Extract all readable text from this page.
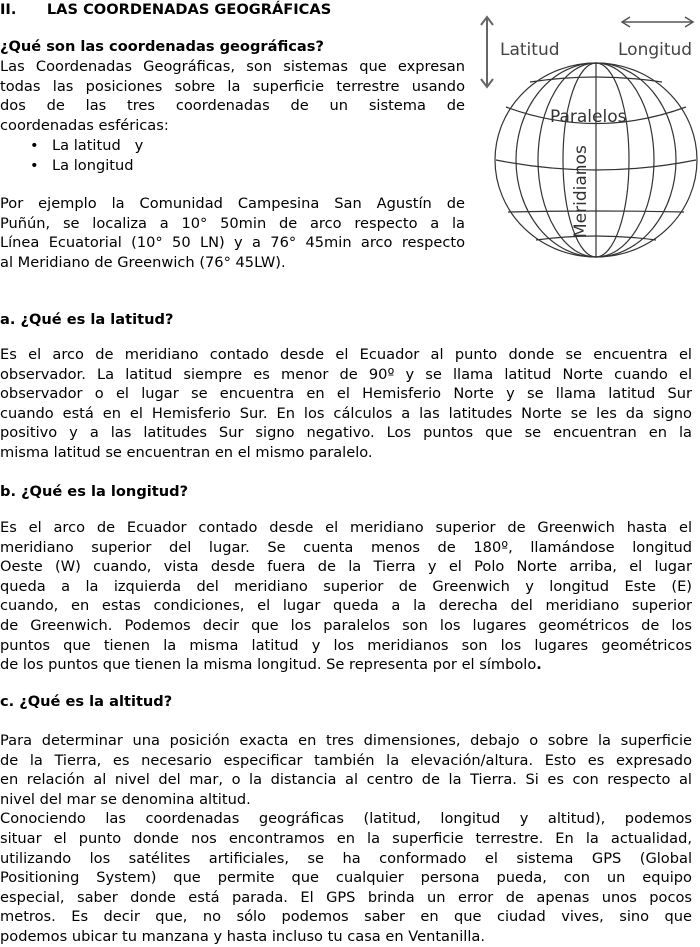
II.      LAS COORDENADAS GEOGRÁFICAS
¿Qué son las coordenadas geográficas?
Las Coordenadas Geográficas, son sistemas que expresan
todas las posiciones sobre la superficie terrestre usando
dos de las tres coordenadas de un sistema de
coordenadas esféricas:
• La latitud   y
• La longitud
Por ejemplo la Comunidad Campesina San Agustín de
Puñún, se localiza a 10° 50min de arco respecto a la
Línea Ecuatorial (10° 50 LN) y a 76° 45min arco respecto
al Meridiano de Greenwich (76° 45LW).
Latitud	Longitud
Paralelos
Meridianos
a. ¿Qué es la latitud?
Es el arco de meridiano contado desde el Ecuador al punto donde se encuentra el
observador. La latitud siempre es menor de 90º y se llama latitud Norte cuando el
observador o el lugar se encuentra en el Hemisferio Norte y se llama latitud Sur
cuando está en el Hemisferio Sur. En los cálculos a las latitudes Norte se les da signo
positivo y a las latitudes Sur signo negativo. Los puntos que se encuentran en la
misma latitud se encuentran en el mismo paralelo.
b. ¿Qué es la longitud?
Es el arco de Ecuador contado desde el meridiano superior de Greenwich hasta el
meridiano superior del lugar. Se cuenta menos de 180º, llamándose longitud
Oeste (W) cuando, vista desde fuera de la Tierra y el Polo Norte arriba, el lugar
queda a la izquierda del meridiano superior de Greenwich y longitud Este (E)
cuando, en estas condiciones, el lugar queda a la derecha del meridiano superior
de Greenwich. Podemos decir que los paralelos son los lugares geométricos de los
puntos que tienen la misma latitud y los meridianos son los lugares geométricos
de los puntos que tienen la misma longitud. Se representa por el símbolo.
c. ¿Qué es la altitud?
Para determinar una posición exacta en tres dimensiones, debajo o sobre la superficie
de la Tierra, es necesario especificar también la elevación/altura. Esto es expresado
en relación al nivel del mar, o la distancia al centro de la Tierra. Si es con respecto al
nivel del mar se denomina altitud.
Conociendo las coordenadas geográficas (latitud, longitud y altitud), podemos
situar el punto donde nos encontramos en la superficie terrestre. En la actualidad,
utilizando los satélites artificiales, se ha conformado el sistema GPS (Global
Positioning System) que permite que cualquier persona pueda, con un equipo
especial, saber donde está parada. El GPS brinda un error de apenas unos pocos
metros. Es decir que, no sólo podemos saber en que ciudad vives, sino que
podemos ubicar tu manzana y hasta incluso tu casa en Ventanilla.
